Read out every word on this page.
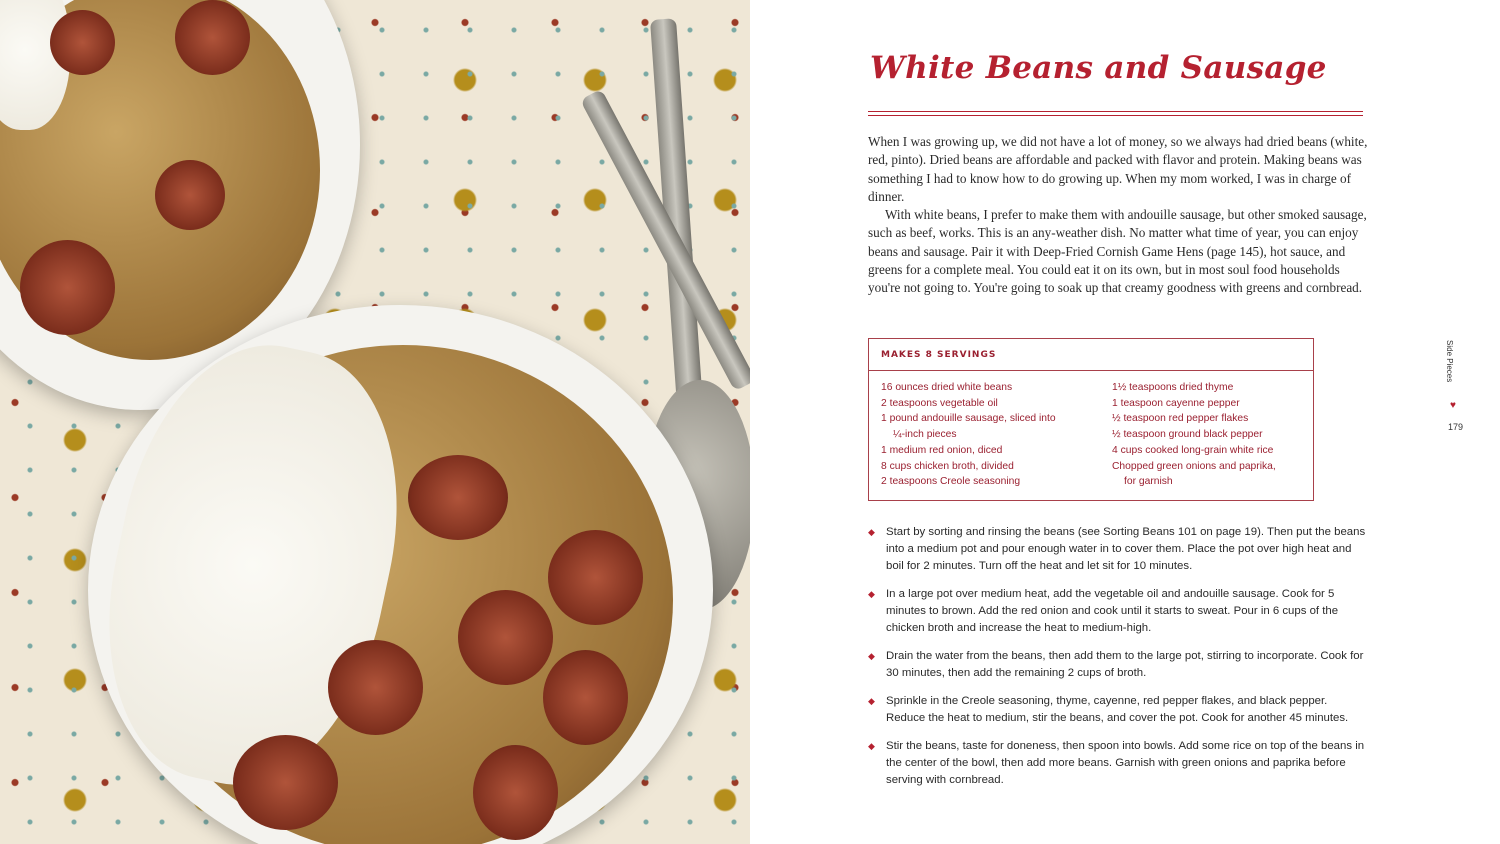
White Beans and Sausage

When I was growing up, we did not have a lot of money, so we always had dried beans (white, red, pinto). Dried beans are affordable and packed with flavor and protein. Making beans was something I had to know how to do growing up. When my mom worked, I was in charge of dinner.

With white beans, I prefer to make them with andouille sausage, but other smoked sausage, such as beef, works. This is an any-weather dish. No matter what time of year, you can enjoy beans and sausage. Pair it with Deep-Fried Cornish Game Hens (page 145), hot sauce, and greens for a complete meal. You could eat it on its own, but in most soul food households you're not going to. You're going to soak up that creamy goodness with greens and cornbread.

MAKES 8 SERVINGS
16 ounces dried white beans
2 teaspoons vegetable oil
1 pound andouille sausage, sliced into
¼-inch pieces
1 medium red onion, diced
8 cups chicken broth, divided
2 teaspoons Creole seasoning
1½ teaspoons dried thyme
1 teaspoon cayenne pepper
½ teaspoon red pepper flakes
½ teaspoon ground black pepper
4 cups cooked long-grain white rice
Chopped green onions and paprika,
for garnish
◆ Start by sorting and rinsing the beans (see Sorting Beans 101 on page 19). Then put the beans into a medium pot and pour enough water in to cover them. Place the pot over high heat and boil for 2 minutes. Turn off the heat and let sit for 10 minutes.
◆ In a large pot over medium heat, add the vegetable oil and andouille sausage. Cook for 5 minutes to brown. Add the red onion and cook until it starts to sweat. Pour in 6 cups of the chicken broth and increase the heat to medium-high.
◆ Drain the water from the beans, then add them to the large pot, stirring to incorporate. Cook for 30 minutes, then add the remaining 2 cups of broth.
◆ Sprinkle in the Creole seasoning, thyme, cayenne, red pepper flakes, and black pepper. Reduce the heat to medium, stir the beans, and cover the pot. Cook for another 45 minutes.
◆ Stir the beans, taste for doneness, then spoon into bowls. Add some rice on top of the beans in the center of the bowl, then add more beans. Garnish with green onions and paprika before serving with cornbread.
Side Pieces
♥
179
